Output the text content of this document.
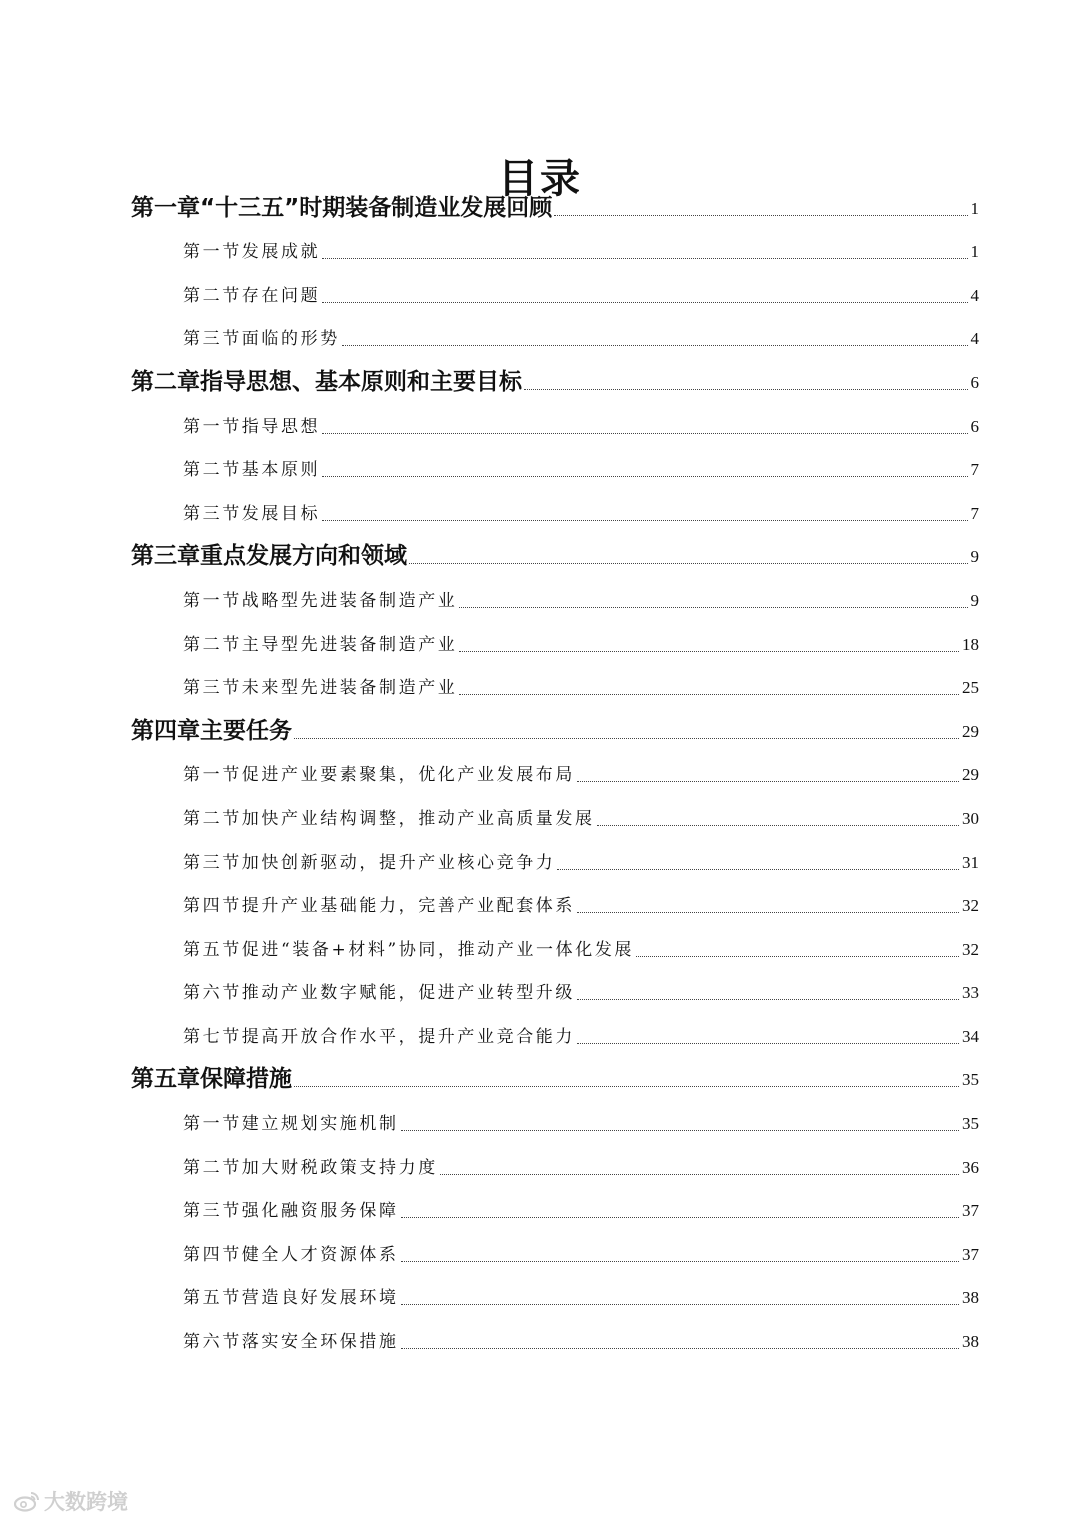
目录
第一章“十三五”时期装备制造业发展回顾	1
第一节发展成就	1
第二节存在问题	4
第三节面临的形势	4
第二章指导思想、基本原则和主要目标	6
第一节指导思想	6
第二节基本原则	7
第三节发展目标	7
第三章重点发展方向和领域	9
第一节战略型先进装备制造产业	9
第二节主导型先进装备制造产业	18
第三节未来型先进装备制造产业	25
第四章主要任务	29
第一节促进产业要素聚集，优化产业发展布局	29
第二节加快产业结构调整，推动产业高质量发展	30
第三节加快创新驱动，提升产业核心竞争力	31
第四节提升产业基础能力，完善产业配套体系	32
第五节促进“装备+材料”协同，推动产业一体化发展	32
第六节推动产业数字赋能，促进产业转型升级	33
第七节提高开放合作水平，提升产业竞合能力	34
第五章保障措施	35
第一节建立规划实施机制	35
第二节加大财税政策支持力度	36
第三节强化融资服务保障	37
第四节健全人才资源体系	37
第五节营造良好发展环境	38
第六节落实安全环保措施	38
大数跨境
